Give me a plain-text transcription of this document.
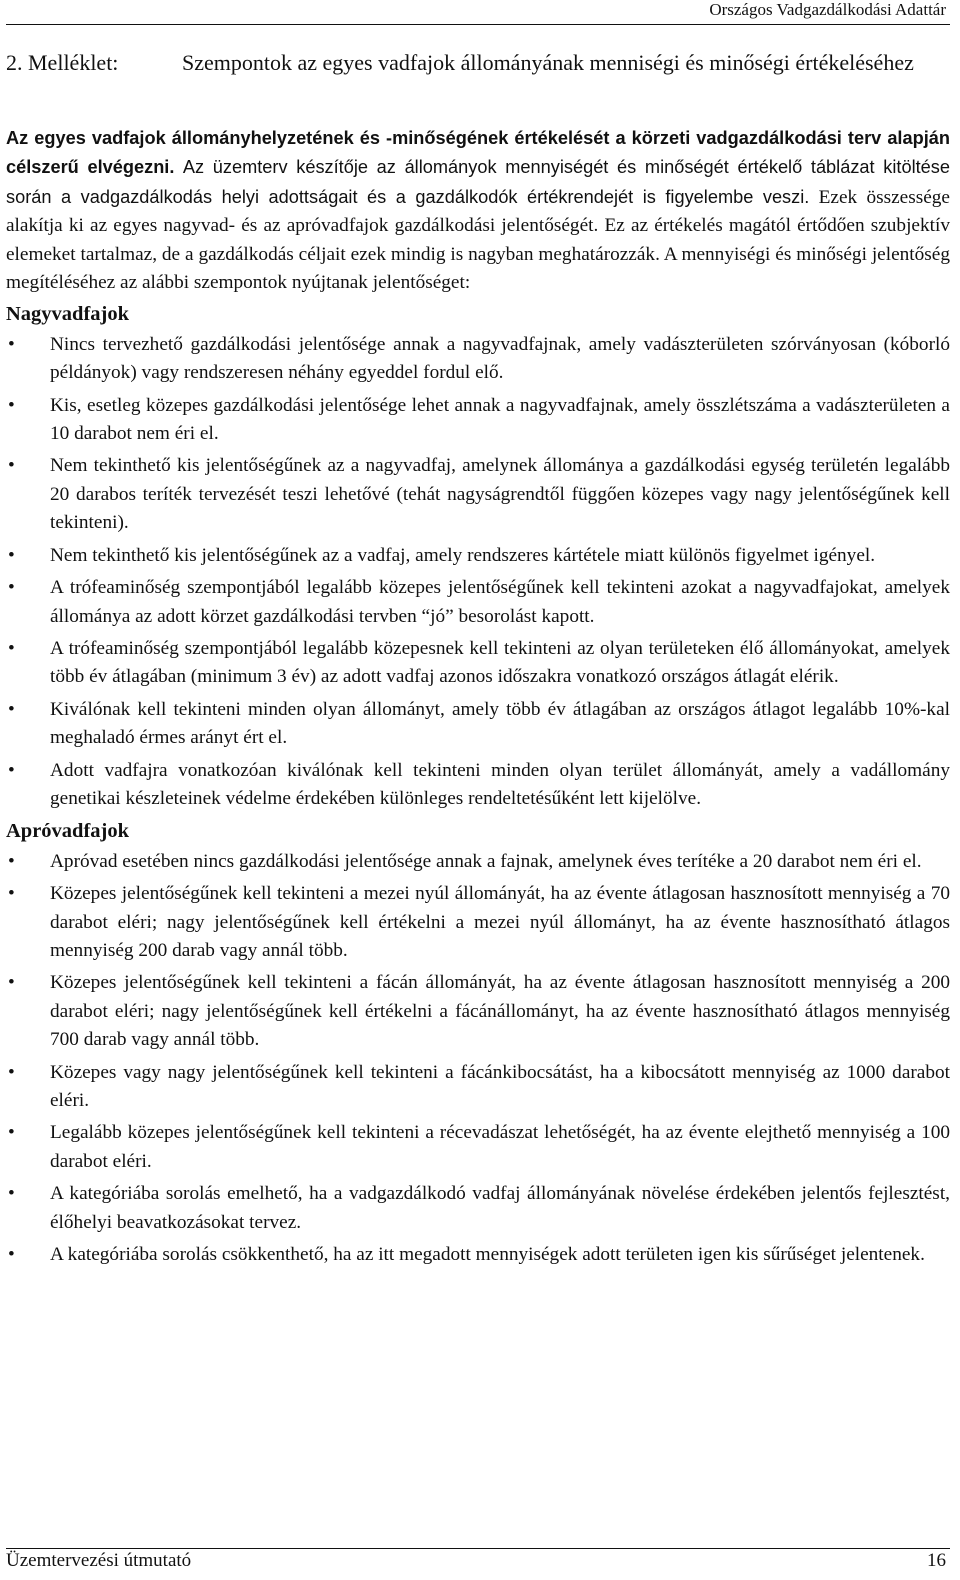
Országos Vadgazdálkodási Adattár
2. Melléklet:	Szempontok az egyes vadfajok állományának menniségi és minőségi értékeléséhez

Az egyes vadfajok állományhelyzetének és -minőségének értékelését a körzeti vadgazdálkodási terv alapján célszerű elvégezni. Az üzemterv készítője az állományok mennyiségét és minőségét értékelő táblázat kitöltése során a vadgazdálkodás helyi adottságait és a gazdálkodók értékrendejét is figyelembe veszi. Ezek összessége alakítja ki az egyes nagyvad- és az apróvadfajok gazdálkodási jelentőségét. Ez az értékelés magától értődően szubjektív elemeket tartalmaz, de a gazdálkodás céljait ezek mindig is nagyban meghatározzák. A mennyiségi és minőségi jelentőség megítéléséhez az alábbi szempontok nyújtanak jelentőséget:

Nagyvadfajok
• Nincs tervezhető gazdálkodási jelentősége annak a nagyvadfajnak, amely vadászterületen szórványosan (kóborló példányok) vagy rendszeresen néhány egyeddel fordul elő.
• Kis, esetleg közepes gazdálkodási jelentősége lehet annak a nagyvadfajnak, amely összlétszáma a vadászterületen a 10 darabot nem éri el.
• Nem tekinthető kis jelentőségűnek az a nagyvadfaj, amelynek állománya a gazdálkodási egység területén legalább 20 darabos teríték tervezését teszi lehetővé (tehát nagyságrendtől függően közepes vagy nagy jelentőségűnek kell tekinteni).
• Nem tekinthető kis jelentőségűnek az a vadfaj, amely rendszeres kártétele miatt különös figyelmet igényel.
• A trófeaminőség szempontjából legalább közepes jelentőségűnek kell tekinteni azokat a nagyvadfajokat, amelyek állománya az adott körzet gazdálkodási tervben “jó” besorolást kapott.
• A trófeaminőség szempontjából legalább közepesnek kell tekinteni az olyan területeken élő állományokat, amelyek több év átlagában (minimum 3 év) az adott vadfaj azonos időszakra vonatkozó országos átlagát elérik.
• Kiválónak kell tekinteni minden olyan állományt, amely több év átlagában az országos átlagot legalább 10%-kal meghaladó érmes arányt ért el.
• Adott vadfajra vonatkozóan kiválónak kell tekinteni minden olyan terület állományát, amely a vadállomány genetikai készleteinek védelme érdekében különleges rendeltetésűként lett kijelölve.
Apróvadfajok
• Apróvad esetében nincs gazdálkodási jelentősége annak a fajnak, amelynek éves terítéke a 20 darabot nem éri el.
• Közepes jelentőségűnek kell tekinteni a mezei nyúl állományát, ha az évente átlagosan hasznosított mennyiség a 70 darabot eléri; nagy jelentőségűnek kell értékelni a mezei nyúl állományt, ha az évente hasznosítható átlagos mennyiség 200 darab vagy annál több.
• Közepes jelentőségűnek kell tekinteni a fácán állományát, ha az évente átlagosan hasznosított mennyiség a 200 darabot eléri; nagy jelentőségűnek kell értékelni a fácánállományt, ha az évente hasznosítható átlagos mennyiség 700 darab vagy annál több.
• Közepes vagy nagy jelentőségűnek kell tekinteni a fácánkibocsátást, ha a kibocsátott mennyiség az 1000 darabot eléri.
• Legalább közepes jelentőségűnek kell tekinteni a récevadászat lehetőségét, ha az évente elejthető mennyiség a 100 darabot eléri.
• A kategóriába sorolás emelhető, ha a vadgazdálkodó vadfaj állományának növelése érdekében jelentős fejlesztést, élőhelyi beavatkozásokat tervez.
• A kategóriába sorolás csökkenthető, ha az itt megadott mennyiségek adott területen igen kis sűrűséget jelentenek.
Üzemtervezési útmutató	16
